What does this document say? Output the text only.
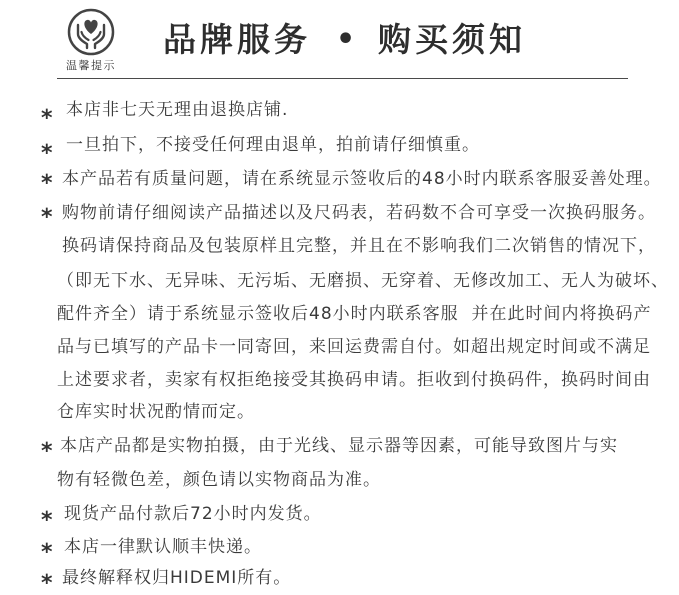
温馨提示
品牌服务 • 购买须知
* 本店非七天无理由退换店铺.
* 一旦拍下，不接受任何理由退单，拍前请仔细慎重。
* 本产品若有质量问题，请在系统显示签收后的48小时内联系客服妥善处理。
* 购物前请仔细阅读产品描述以及尺码表，若码数不合可享受一次换码服务。
换码请保持商品及包装原样且完整，并且在不影响我们二次销售的情况下，
（即无下水、无异味、无污垢、无磨损、无穿着、无修改加工、无人为破坏、
配件齐全）请于系统显示签收后48小时内联系客服  并在此时间内将换码产
品与已填写的产品卡一同寄回，来回运费需自付。如超出规定时间或不满足
上述要求者，卖家有权拒绝接受其换码申请。拒收到付换码件，换码时间由
仓库实时状况酌情而定。
* 本店产品都是实物拍摄，由于光线、显示器等因素，可能导致图片与实
物有轻微色差，颜色请以实物商品为准。
* 现货产品付款后72小时内发货。
* 本店一律默认顺丰快递。
* 最终解释权归HIDEMI所有。
